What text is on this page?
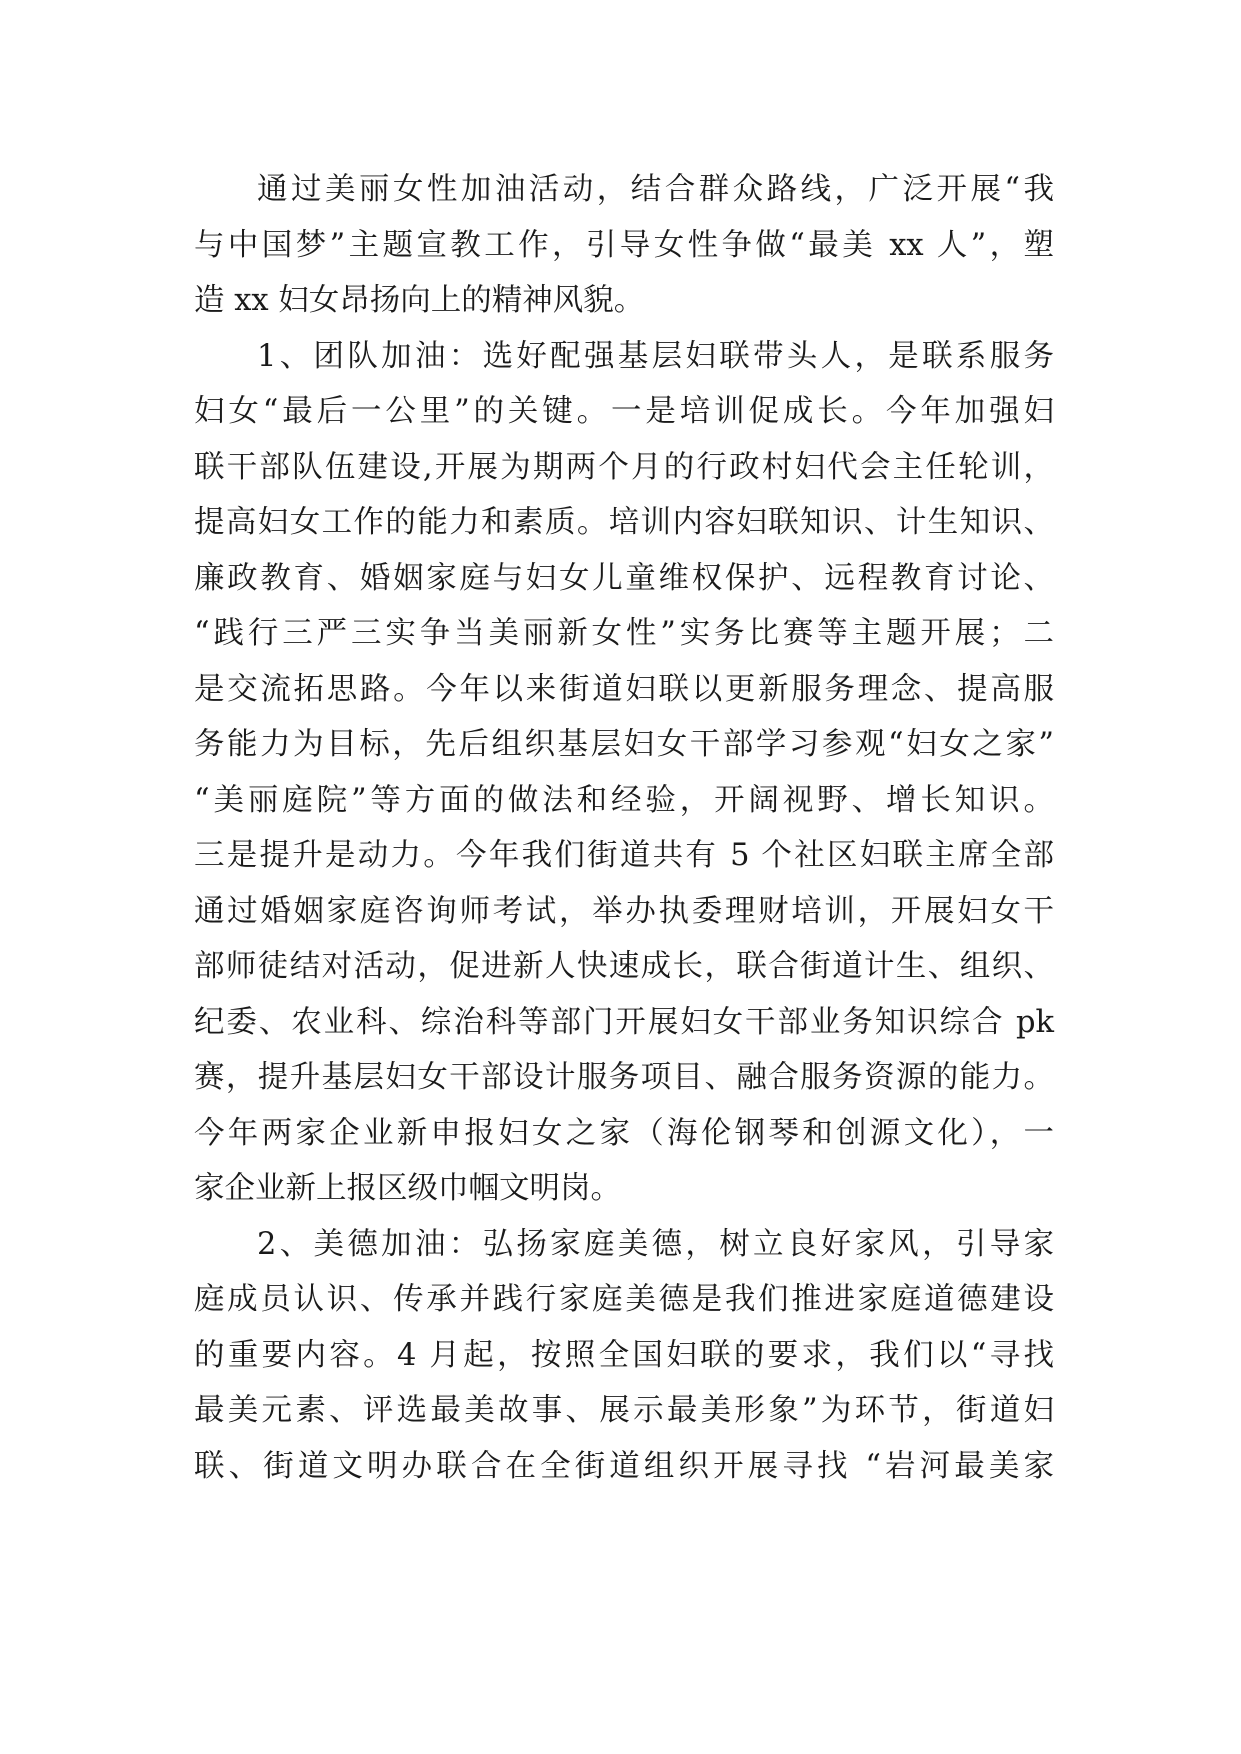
通过美丽女性加油活动，结合群众路线，广泛开展“我
与中国梦”主题宣教工作，引导女性争做“最美 xx 人”，塑
造 xx 妇女昂扬向上的精神风貌。
1、团队加油：选好配强基层妇联带头人，是联系服务
妇女“最后一公里”的关键。一是培训促成长。今年加强妇
联干部队伍建设,开展为期两个月的行政村妇代会主任轮训，
提高妇女工作的能力和素质。培训内容妇联知识、计生知识、
廉政教育、婚姻家庭与妇女儿童维权保护、远程教育讨论、
“践行三严三实争当美丽新女性”实务比赛等主题开展；二
是交流拓思路。今年以来街道妇联以更新服务理念、提高服
务能力为目标，先后组织基层妇女干部学习参观“妇女之家”
“美丽庭院”等方面的做法和经验，开阔视野、增长知识。
三是提升是动力。今年我们街道共有 5 个社区妇联主席全部
通过婚姻家庭咨询师考试，举办执委理财培训，开展妇女干
部师徒结对活动，促进新人快速成长，联合街道计生、组织、
纪委、农业科、综治科等部门开展妇女干部业务知识综合 pk
赛，提升基层妇女干部设计服务项目、融合服务资源的能力。
今年两家企业新申报妇女之家（海伦钢琴和创源文化），一
家企业新上报区级巾帼文明岗。
2、美德加油：弘扬家庭美德，树立良好家风，引导家
庭成员认识、传承并践行家庭美德是我们推进家庭道德建设
的重要内容。4 月起，按照全国妇联的要求，我们以“寻找
最美元素、评选最美故事、展示最美形象”为环节，街道妇
联、街道文明办联合在全街道组织开展寻找 “岩河最美家
